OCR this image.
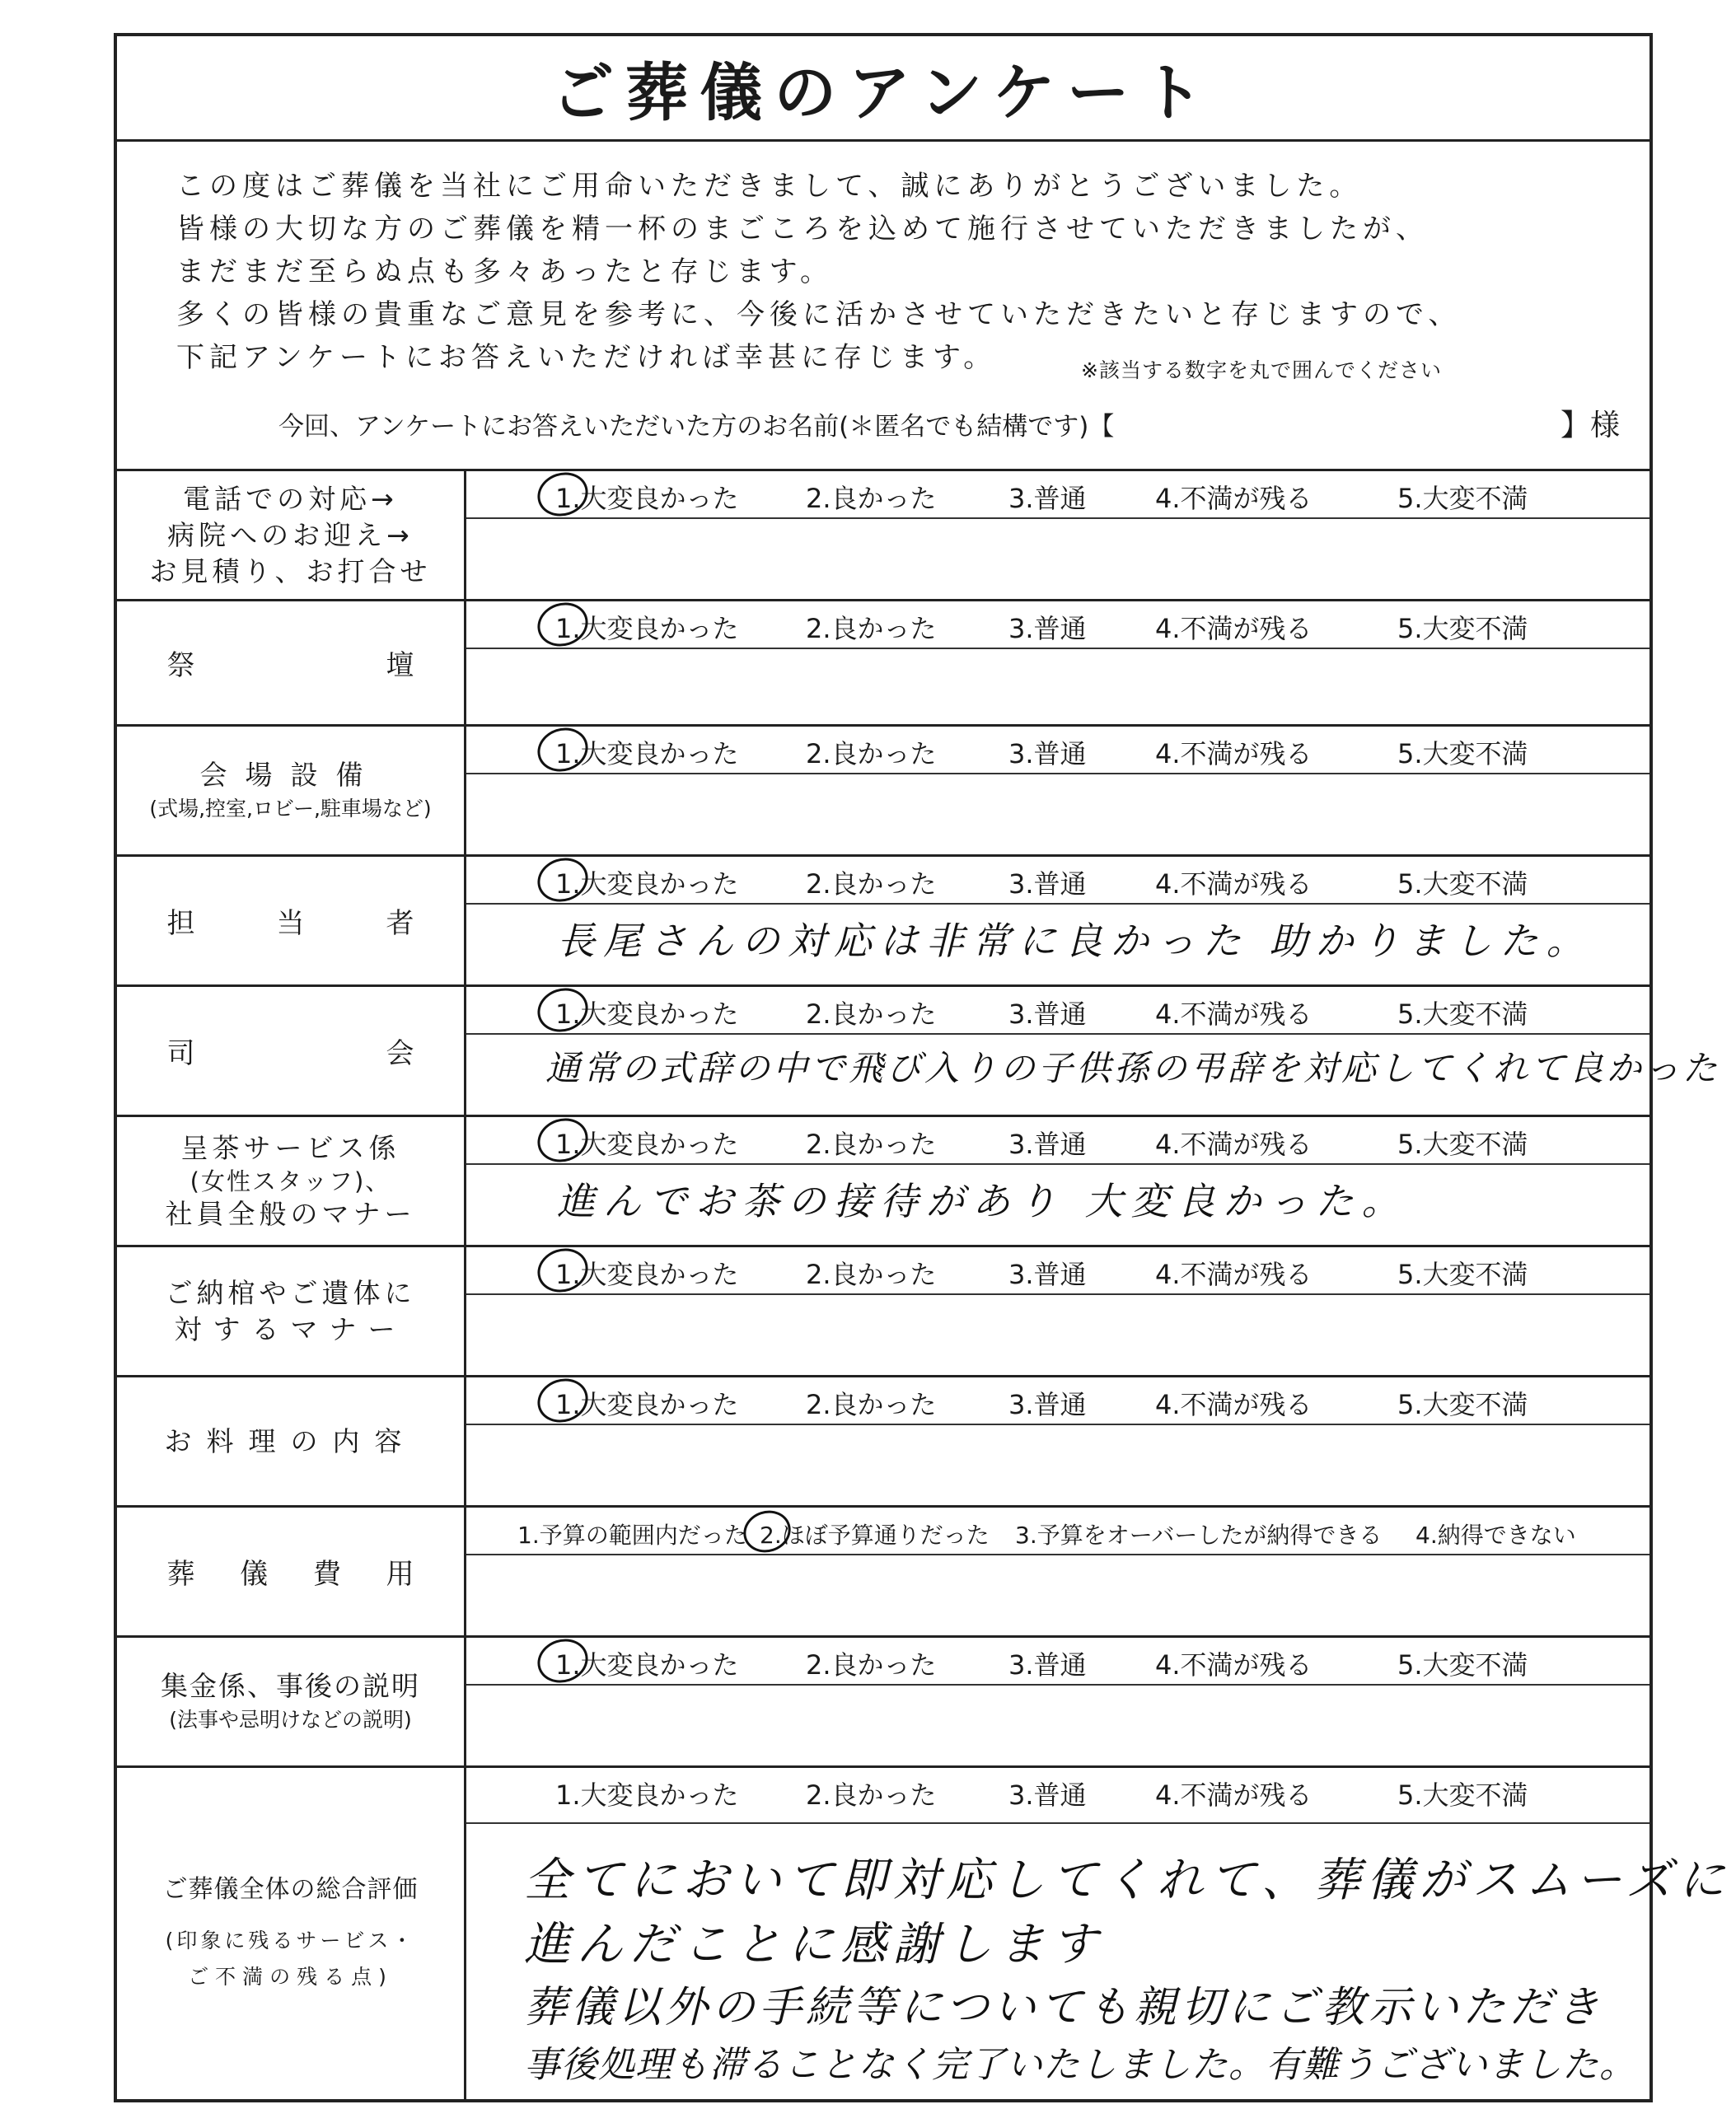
ご葬儀のアンケート
この度はご葬儀を当社にご用命いただきまして、誠にありがとうございました。
皆様の大切な方のご葬儀を精一杯のまごころを込めて施行させていただきましたが、
まだまだ至らぬ点も多々あったと存じます。
多くの皆様の貴重なご意見を参考に、今後に活かさせていただきたいと存じますので、
下記アンケートにお答えいただければ幸甚に存じます。	※該当する数字を丸で囲んでください
今回、アンケートにお答えいただいた方のお名前(＊匿名でも結構です)【	】様
電話での対応→
病院へのお迎え→
お見積り、お打合せ
1.大変良かった	2.良かった	3.普通	4.不満が残る	5.大変不満
祭	壇
1.大変良かった	2.良かった	3.普通	4.不満が残る	5.大変不満
会場設備
(式場,控室,ロビー,駐車場など)
1.大変良かった	2.良かった	3.普通	4.不満が残る	5.大変不満
担	当	者
1.大変良かった	2.良かった	3.普通	4.不満が残る	5.大変不満
長尾さんの対応は非常に良かった 助かりました。
司	会
1.大変良かった	2.良かった	3.普通	4.不満が残る	5.大変不満
通常の式辞の中で飛び入りの子供孫の弔辞を対応してくれて良かった
呈茶サービス係
(女性スタッフ)、
社員全般のマナー
1.大変良かった	2.良かった	3.普通	4.不満が残る	5.大変不満
進んでお茶の接待があり 大変良かった。
ご納棺やご遺体に
対するマナー
1.大変良かった	2.良かった	3.普通	4.不満が残る	5.大変不満
お料理の内容
1.大変良かった	2.良かった	3.普通	4.不満が残る	5.大変不満
葬 儀 費 用
1.予算の範囲内だった 2.ほぼ予算通りだった 3.予算をオーバーしたが納得できる 4.納得できない
集金係、事後の説明
(法事や忌明けなどの説明)
1.大変良かった	2.良かった	3.普通	4.不満が残る	5.大変不満
ご葬儀全体の総合評価
(印象に残るサービス・
ご不満の残る点)
1.大変良かった	2.良かった	3.普通	4.不満が残る	5.大変不満
全てにおいて即対応してくれて、葬儀がスムーズに
進んだことに感謝します
葬儀以外の手続等についても親切にご教示いただき
事後処理も滞ることなく完了いたしました。有難うございました。
